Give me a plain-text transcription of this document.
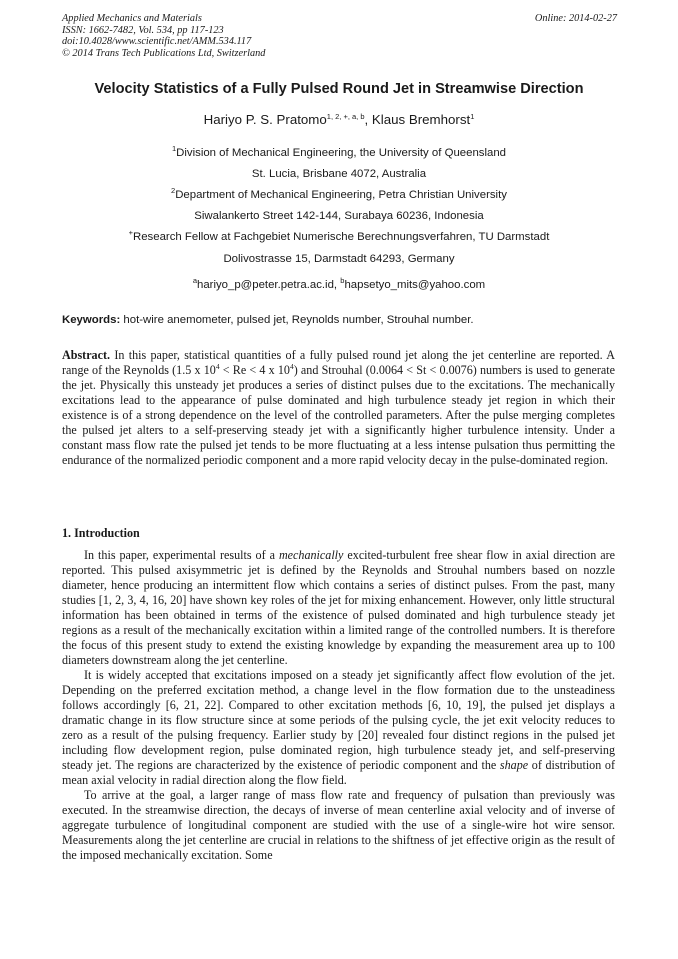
Applied Mechanics and Materials
ISSN: 1662-7482, Vol. 534, pp 117-123
doi:10.4028/www.scientific.net/AMM.534.117
© 2014 Trans Tech Publications Ltd, Switzerland
Online: 2014-02-27
Velocity Statistics of a Fully Pulsed Round Jet in Streamwise Direction
Hariyo P. S. Pratomo$^{1, 2, +, a, b}$, Klaus Bremhorst$^1$
$^1$Division of Mechanical Engineering, the University of Queensland
St. Lucia, Brisbane 4072, Australia
$^2$Department of Mechanical Engineering, Petra Christian University
Siwalankerto Street 142-144, Surabaya 60236, Indonesia
+Research Fellow at Fachgebiet Numerische Berechnungsverfahren, TU Darmstadt
Dolivostrasse 15, Darmstadt 64293, Germany
$^a$hariyo_p@peter.petra.ac.id, $^b$hapsetyo_mits@yahoo.com
Keywords: hot-wire anemometer, pulsed jet, Reynolds number, Strouhal number.

Abstract. In this paper, statistical quantities of a fully pulsed round jet along the jet centerline are reported. A range of the Reynolds (1.5 x $10^4 < Re < 4$ x $10^4$) and Strouhal (0.0064 < St < 0.0076) numbers is used to generate the jet. Physically this unsteady jet produces a series of distinct pulses due to the excitations. The mechanically excitations lead to the appearance of pulse dominated and high turbulence steady jet region in which their existence is of a strong dependence on the level of the controlled parameters. After the pulse merging completes the pulsed jet alters to a self-preserving steady jet with a significantly higher turbulence intensity. Under a constant mass flow rate the pulsed jet tends to be more fluctuating at a less intense pulsation thus permitting the endurance of the normalized periodic component and a more rapid velocity decay in the pulse-dominated region.

1. Introduction

In this paper, experimental results of a mechanically excited-turbulent free shear flow in axial direction are reported. This pulsed axisymmetric jet is defined by the Reynolds and Strouhal numbers based on nozzle diameter, hence producing an intermittent flow which contains a series of distinct pulses. From the past, many studies [1, 2, 3, 4, 16, 20] have shown key roles of the jet for mixing enhancement. However, only little structural information has been obtained in terms of the existence of pulsed dominated and high turbulence steady jet regions as a result of the mechanically excitation within a limited range of the controlled numbers. It is therefore the focus of this present study to extend the existing knowledge by expanding the measurement area up to 100 diameters downstream along the jet centerline.

It is widely accepted that excitations imposed on a steady jet significantly affect flow evolution of the jet. Depending on the preferred excitation method, a change level in the flow formation due to the unsteadiness follows accordingly [6, 21, 22]. Compared to other excitation methods [6, 10, 19], the pulsed jet displays a dramatic change in its flow structure since at some periods of the pulsing cycle, the jet exit velocity reduces to zero as a result of the pulsing frequency. Earlier study by [20] revealed four distinct regions in the pulsed jet including flow development region, pulse dominated region, high turbulence steady jet, and self-preserving steady jet. The regions are characterized by the existence of periodic component and the shape of distribution of mean axial velocity in radial direction along the flow field.

To arrive at the goal, a larger range of mass flow rate and frequency of pulsation than previously was executed. In the streamwise direction, the decays of inverse of mean centerline axial velocity and of inverse of aggregate turbulence of longitudinal component are studied with the use of a single-wire hot wire sensor. Measurements along the jet centerline are crucial in relations to the shiftness of jet effective origin as the result of the imposed mechanically excitation. Some
